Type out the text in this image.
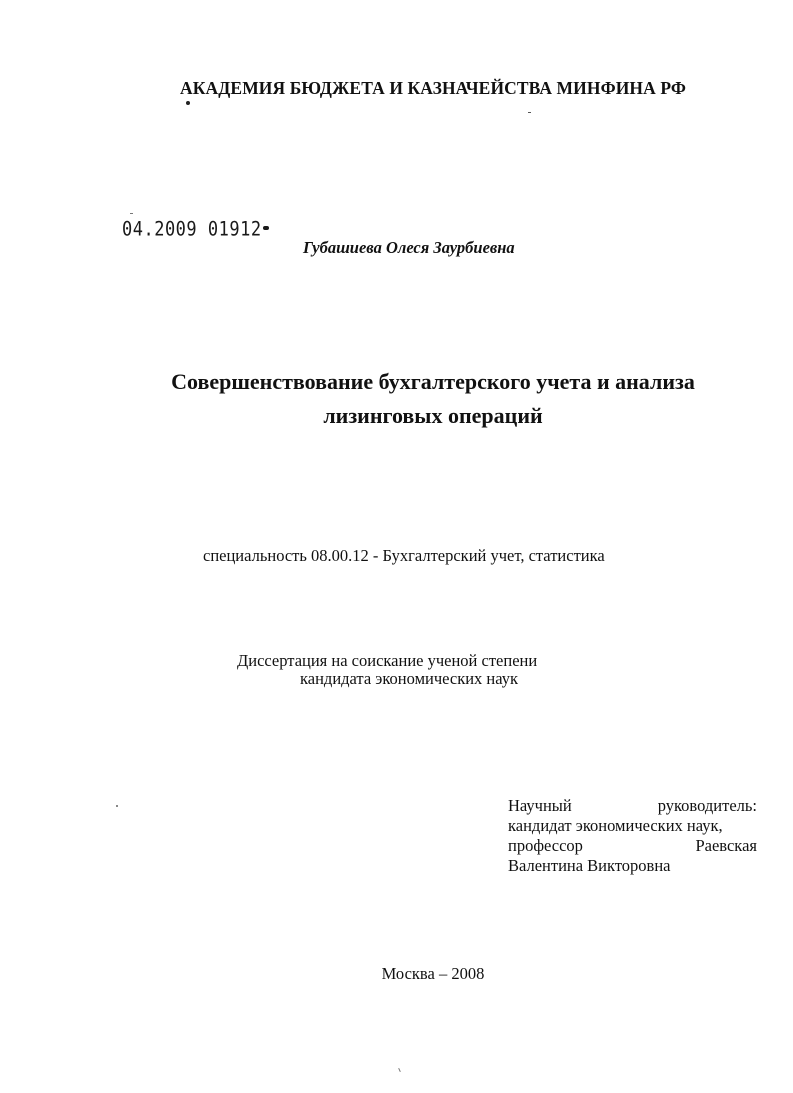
АКАДЕМИЯ БЮДЖЕТА И КАЗНАЧЕЙСТВА МИНФИНА РФ
04.2009 01912
Губашиева Олеся Заурбиевна
Совершенствование бухгалтерского учета и анализа
лизинговых операций
специальность 08.00.12 - Бухгалтерский учет, статистика
Диссертация на соискание ученой степени
кандидата экономических наук
Научный	руководитель:
кандидат экономических наук,
профессор	Раевская
Валентина Викторовна
Москва – 2008
